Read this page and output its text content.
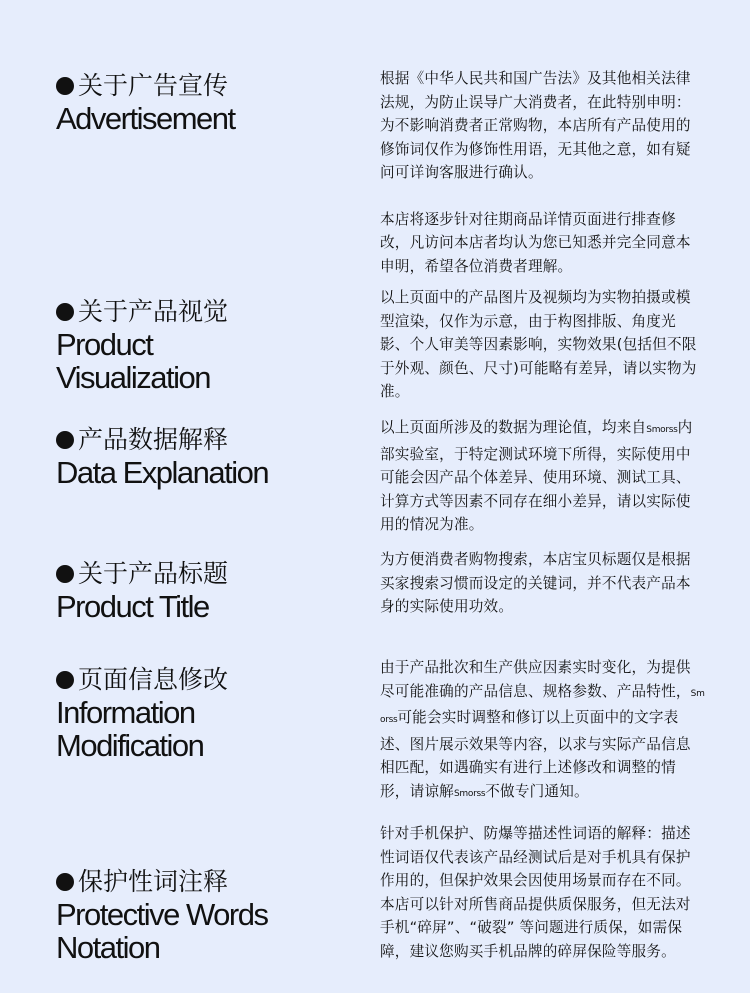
关于广告宣传
Advertisement

根据《中华人民共和国广告法》及其他相关法律法规，为防止误导广大消费者，在此特别申明：为不影响消费者正常购物，本店所有产品使用的修饰词仅作为修饰性用语，无其他之意，如有疑问可详询客服进行确认。

本店将逐步针对往期商品详情页面进行排查修改，凡访问本店者均认为您已知悉并完全同意本申明，希望各位消费者理解。

关于产品视觉
Product
Visualization

以上页面中的产品图片及视频均为实物拍摄或模型渲染，仅作为示意，由于构图排版、角度光影、个人审美等因素影响，实物效果(包括但不限于外观、颜色、尺寸)可能略有差异，请以实物为准。

产品数据解释
Data Explanation

以上页面所涉及的数据为理论值，均来自Smorss内部实验室，于特定测试环境下所得，实际使用中可能会因产品个体差异、使用环境、测试工具、计算方式等因素不同存在细小差异，请以实际使用的情况为准。

关于产品标题
Product Title

为方便消费者购物搜索，本店宝贝标题仅是根据买家搜索习惯而设定的关键词，并不代表产品本身的实际使用功效。

页面信息修改
Information
Modification

由于产品批次和生产供应因素实时变化，为提供尽可能准确的产品信息、规格参数、产品特性，Smorss可能会实时调整和修订以上页面中的文字表述、图片展示效果等内容，以求与实际产品信息相匹配，如遇确实有进行上述修改和调整的情形，请谅解Smorss不做专门通知。

保护性词注释
Protective Words
Notation

针对手机保护、防爆等描述性词语的解释：描述性词语仅代表该产品经测试后是对手机具有保护作用的，但保护效果会因使用场景而存在不同。本店可以针对所售商品提供质保服务，但无法对手机“碎屏”、“破裂” 等问题进行质保，如需保障，建议您购买手机品牌的碎屏保险等服务。
